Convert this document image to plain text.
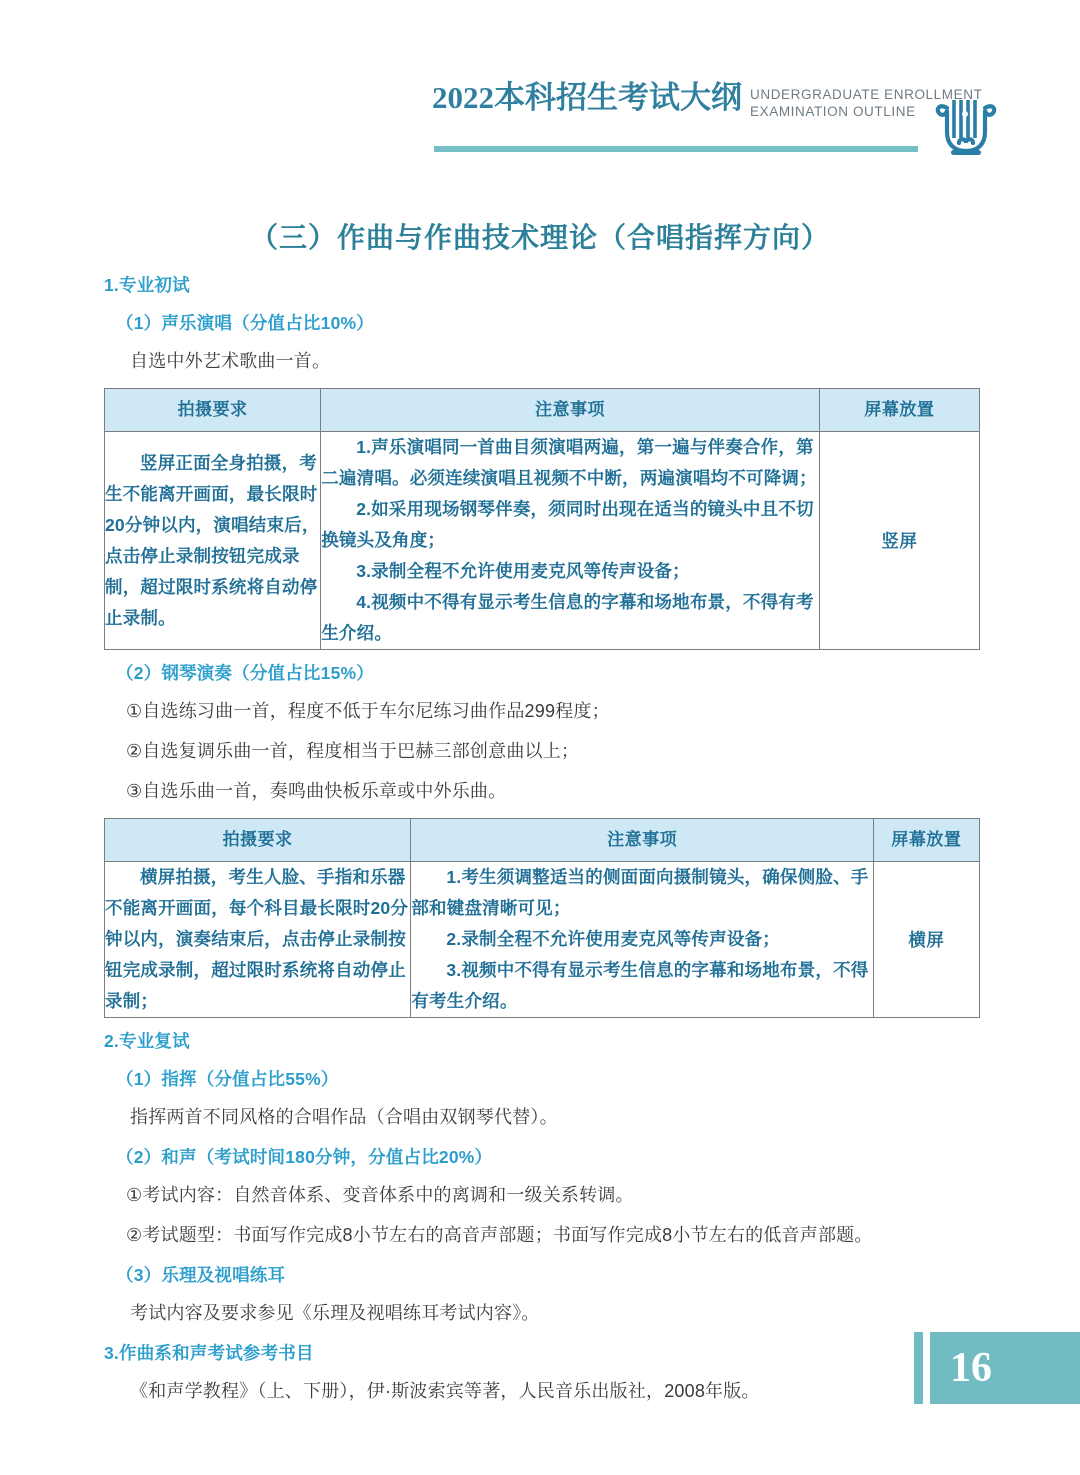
2022本科招生考试大纲 UNDERGRADUATE ENROLLMENT
EXAMINATION OUTLINE
（三）作曲与作曲技术理论（合唱指挥方向）
1.专业初试
（1）声乐演唱（分值占比10%）
自选中外艺术歌曲一首。
拍摄要求	注意事项	屏幕放置

竖屏正面全身拍摄，考生不能离开画面，最长限时20分钟以内，演唱结束后，点击停止录制按钮完成录制，超过限时系统将自动停止录制。	1.声乐演唱同一首曲目须演唱两遍，第一遍与伴奏合作，第二遍清唱。必须连续演唱且视频不中断，两遍演唱均不可降调；

2.如采用现场钢琴伴奏，须同时出现在适当的镜头中且不切换镜头及角度；

3.录制全程不允许使用麦克风等传声设备；

4.视频中不得有显示考生信息的字幕和场地布景，不得有考生介绍。	竖屏
（2）钢琴演奏（分值占比15%）
①自选练习曲一首，程度不低于车尔尼练习曲作品299程度；
②自选复调乐曲一首，程度相当于巴赫三部创意曲以上；
③自选乐曲一首，奏鸣曲快板乐章或中外乐曲。
拍摄要求	注意事项	屏幕放置

横屏拍摄，考生人脸、手指和乐器不能离开画面，每个科目最长限时20分钟以内，演奏结束后，点击停止录制按钮完成录制，超过限时系统将自动停止录制；	1.考生须调整适当的侧面面向摄制镜头，确保侧脸、手部和键盘清晰可见；

2.录制全程不允许使用麦克风等传声设备；

3.视频中不得有显示考生信息的字幕和场地布景，不得有考生介绍。	横屏
2.专业复试
（1）指挥（分值占比55%）
指挥两首不同风格的合唱作品（合唱由双钢琴代替）。
（2）和声（考试时间180分钟，分值占比20%）
①考试内容：自然音体系、变音体系中的离调和一级关系转调。
②考试题型：书面写作完成8小节左右的高音声部题；书面写作完成8小节左右的低音声部题。
（3）乐理及视唱练耳
考试内容及要求参见《乐理及视唱练耳考试内容》。
3.作曲系和声考试参考书目
《和声学教程》（上、下册），伊·斯波索宾等著，人民音乐出版社，2008年版。	16
